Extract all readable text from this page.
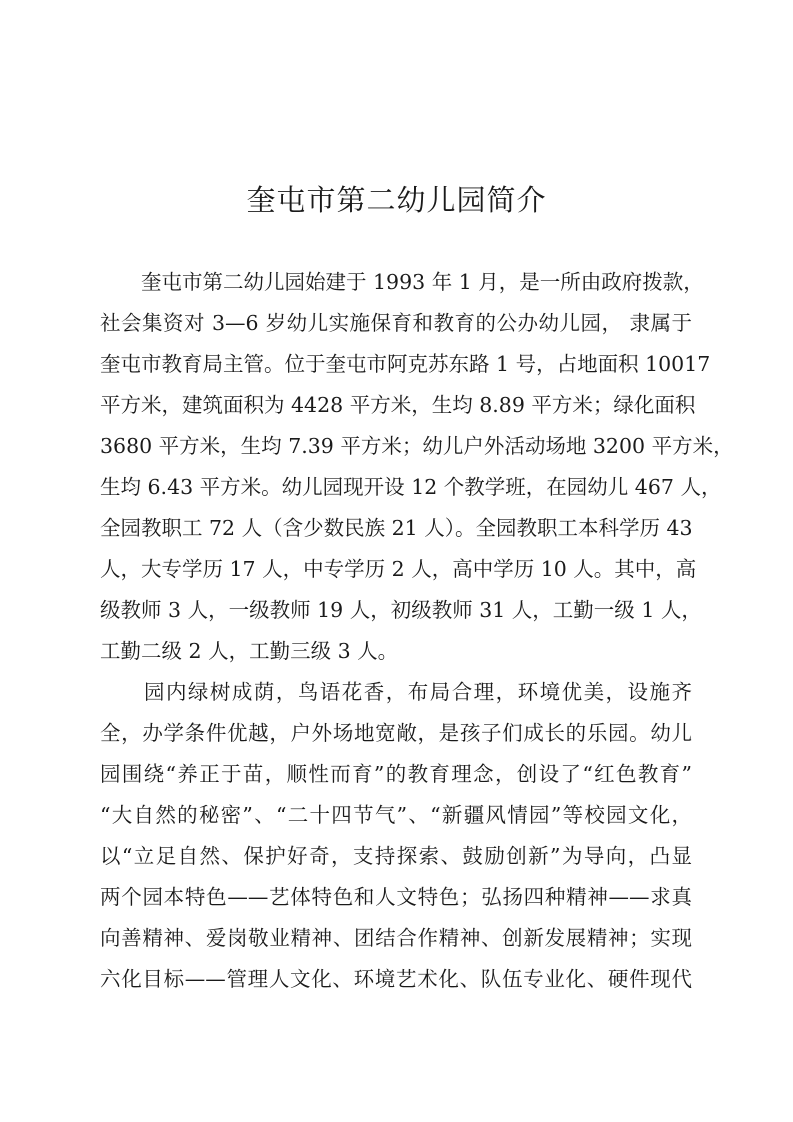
奎屯市第二幼儿园简介
　　奎屯市第二幼儿园始建于 1993 年 1 月，是一所由政府拨款，
社会集资对 3—6 岁幼儿实施保育和教育的公办幼儿园， 隶属于
奎屯市教育局主管。位于奎屯市阿克苏东路 1 号，占地面积 10017
平方米，建筑面积为 4428 平方米，生均 8.89 平方米；绿化面积
3680 平方米，生均 7.39 平方米；幼儿户外活动场地 3200 平方米，
生均 6.43 平方米。幼儿园现开设 12 个教学班，在园幼儿 467 人，
全园教职工 72 人（含少数民族 21 人）。全园教职工本科学历 43
人，大专学历 17 人，中专学历 2 人，高中学历 10 人。其中，高
级教师 3 人，一级教师 19 人，初级教师 31 人，工勤一级 1 人，
工勤二级 2 人，工勤三级 3 人。
　　园内绿树成荫，鸟语花香，布局合理，环境优美，设施齐
全，办学条件优越，户外场地宽敞，是孩子们成长的乐园。幼儿
园围绕“养正于苗，顺性而育”的教育理念，创设了“红色教育”
“大自然的秘密”、“二十四节气”、“新疆风情园”等校园文化，
以“立足自然、保护好奇，支持探索、鼓励创新”为导向，凸显
两个园本特色——艺体特色和人文特色；弘扬四种精神——求真
向善精神、爱岗敬业精神、团结合作精神、创新发展精神；实现
六化目标——管理人文化、环境艺术化、队伍专业化、硬件现代
